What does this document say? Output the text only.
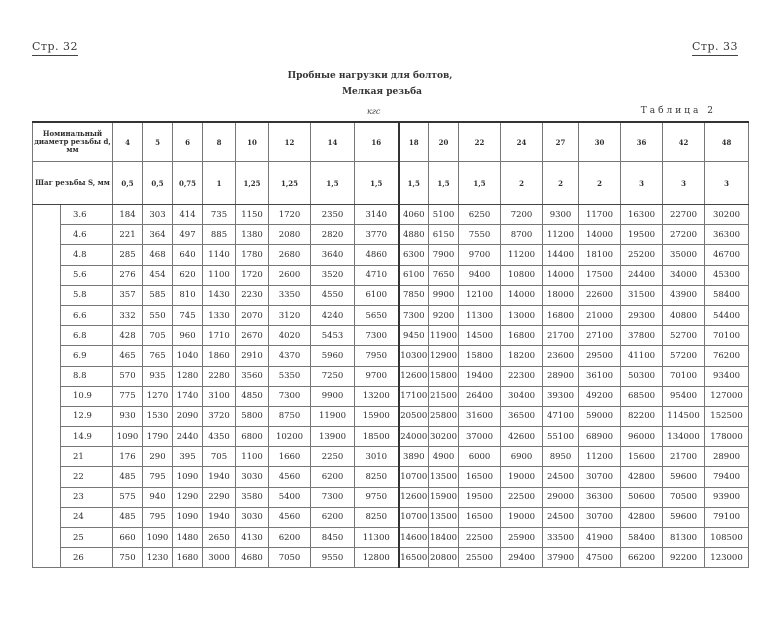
Стр. 32	Стр. 33
Пробные нагрузки для болтов,
Мелкая резьба
кгс	Таблица 2
Номинальный диаметр резьбы d, мм		4	5	6	8	10	12	14	16	18	20	22	24	27	30	36	42	48
Шаг резьбы S, мм		0,5	0,5	0,75	1	1,25	1,25	1,5	1,5	1,5	1,5	1,5	2	2	2	3	3	3
	3.6	184	303	414	735	1150	1720	2350	3140	4060	5100	6250	7200	9300	11700	16300	22700	30200
	4.6	221	364	497	885	1380	2080	2820	3770	4880	6150	7550	8700	11200	14000	19500	27200	36300
	4.8	285	468	640	1140	1780	2680	3640	4860	6300	7900	9700	11200	14400	18100	25200	35000	46700
	5.6	276	454	620	1100	1720	2600	3520	4710	6100	7650	9400	10800	14000	17500	24400	34000	45300
	5.8	357	585	810	1430	2230	3350	4550	6100	7850	9900	12100	14000	18000	22600	31500	43900	58400
	6.6	332	550	745	1330	2070	3120	4240	5650	7300	9200	11300	13000	16800	21000	29300	40800	54400
	6.8	428	705	960	1710	2670	4020	5453	7300	9450	11900	14500	16800	21700	27100	37800	52700	70100
	6.9	465	765	1040	1860	2910	4370	5960	7950	10300	12900	15800	18200	23600	29500	41100	57200	76200
	8.8	570	935	1280	2280	3560	5350	7250	9700	12600	15800	19400	22300	28900	36100	50300	70100	93400
	10.9	775	1270	1740	3100	4850	7300	9900	13200	17100	21500	26400	30400	39300	49200	68500	95400	127000
	12.9	930	1530	2090	3720	5800	8750	11900	15900	20500	25800	31600	36500	47100	59000	82200	114500	152500
	14.9	1090	1790	2440	4350	6800	10200	13900	18500	24000	30200	37000	42600	55100	68900	96000	134000	178000
	21	176	290	395	705	1100	1660	2250	3010	3890	4900	6000	6900	8950	11200	15600	21700	28900
	22	485	795	1090	1940	3030	4560	6200	8250	10700	13500	16500	19000	24500	30700	42800	59600	79400
	23	575	940	1290	2290	3580	5400	7300	9750	12600	15900	19500	22500	29000	36300	50600	70500	93900
	24	485	795	1090	1940	3030	4560	6200	8250	10700	13500	16500	19000	24500	30700	42800	59600	79100
	25	660	1090	1480	2650	4130	6200	8450	11300	14600	18400	22500	25900	33500	41900	58400	81300	108500
	26	750	1230	1680	3000	4680	7050	9550	12800	16500	20800	25500	29400	37900	47500	66200	92200	123000
